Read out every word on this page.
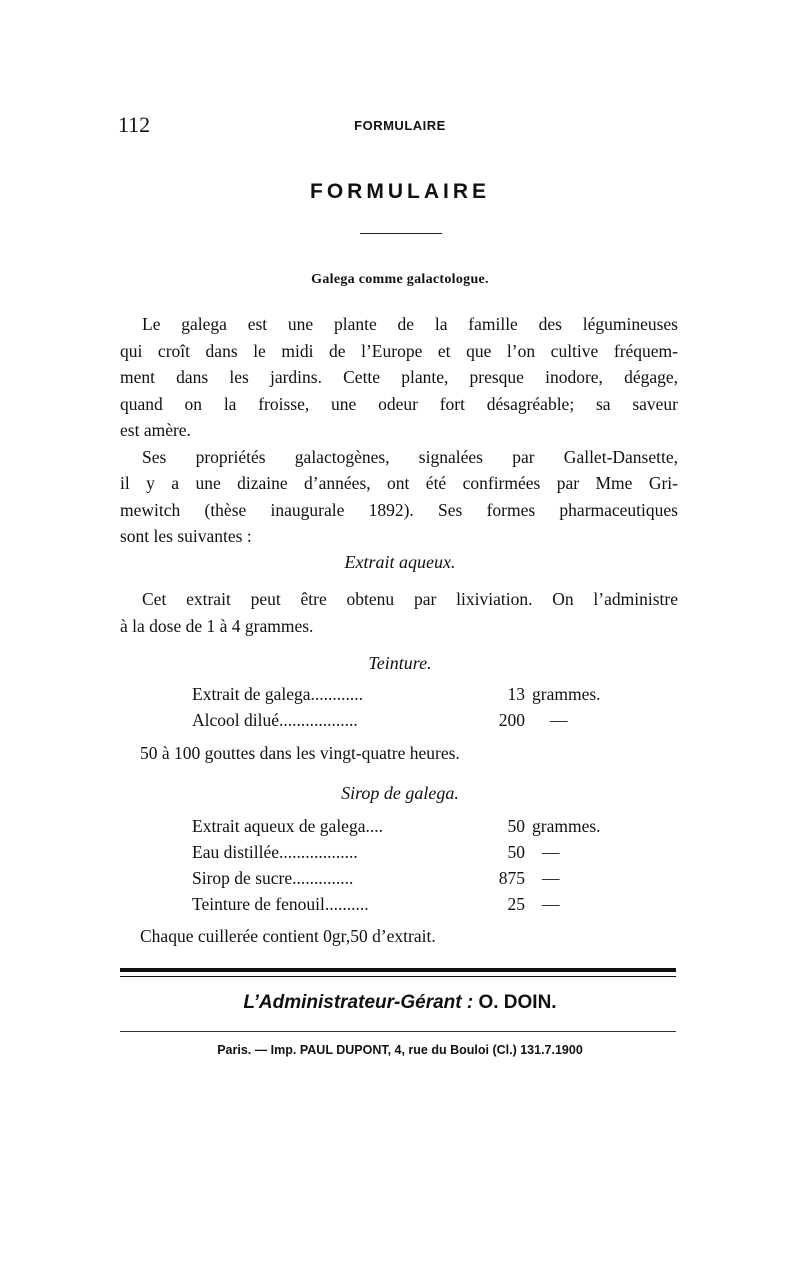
112	FORMULAIRE
FORMULAIRE
Galega comme galactologue.
Le galega est une plante de la famille des légumineuses
qui croît dans le midi de l’Europe et que l’on cultive fréquem-
ment dans les jardins. Cette plante, presque inodore, dégage,
quand on la froisse, une odeur fort désagréable; sa saveur
est amère.
Ses propriétés galactogènes, signalées par Gallet-Dansette,
il y a une dizaine d’années, ont été confirmées par Mme Gri-
mewitch (thèse inaugurale 1892). Ses formes pharmaceutiques
sont les suivantes :
Extrait aqueux.
Cet extrait peut être obtenu par lixiviation. On l’administre
à la dose de 1 à 4 grammes.
Teinture.
Extrait de galega............	13 grammes.
Alcool dilué..................	200 —
50 à 100 gouttes dans les vingt-quatre heures.
Sirop de galega.
Extrait aqueux de galega....	50 grammes.
Eau distillée..................	50 —
Sirop de sucre..............	875 —
Teinture de fenouil..........	25 —
Chaque cuillerée contient 0gr,50 d’extrait.
L’Administrateur-Gérant : O. DOIN.
Paris. — Imp. PAUL DUPONT, 4, rue du Bouloi (Cl.) 131.7.1900
